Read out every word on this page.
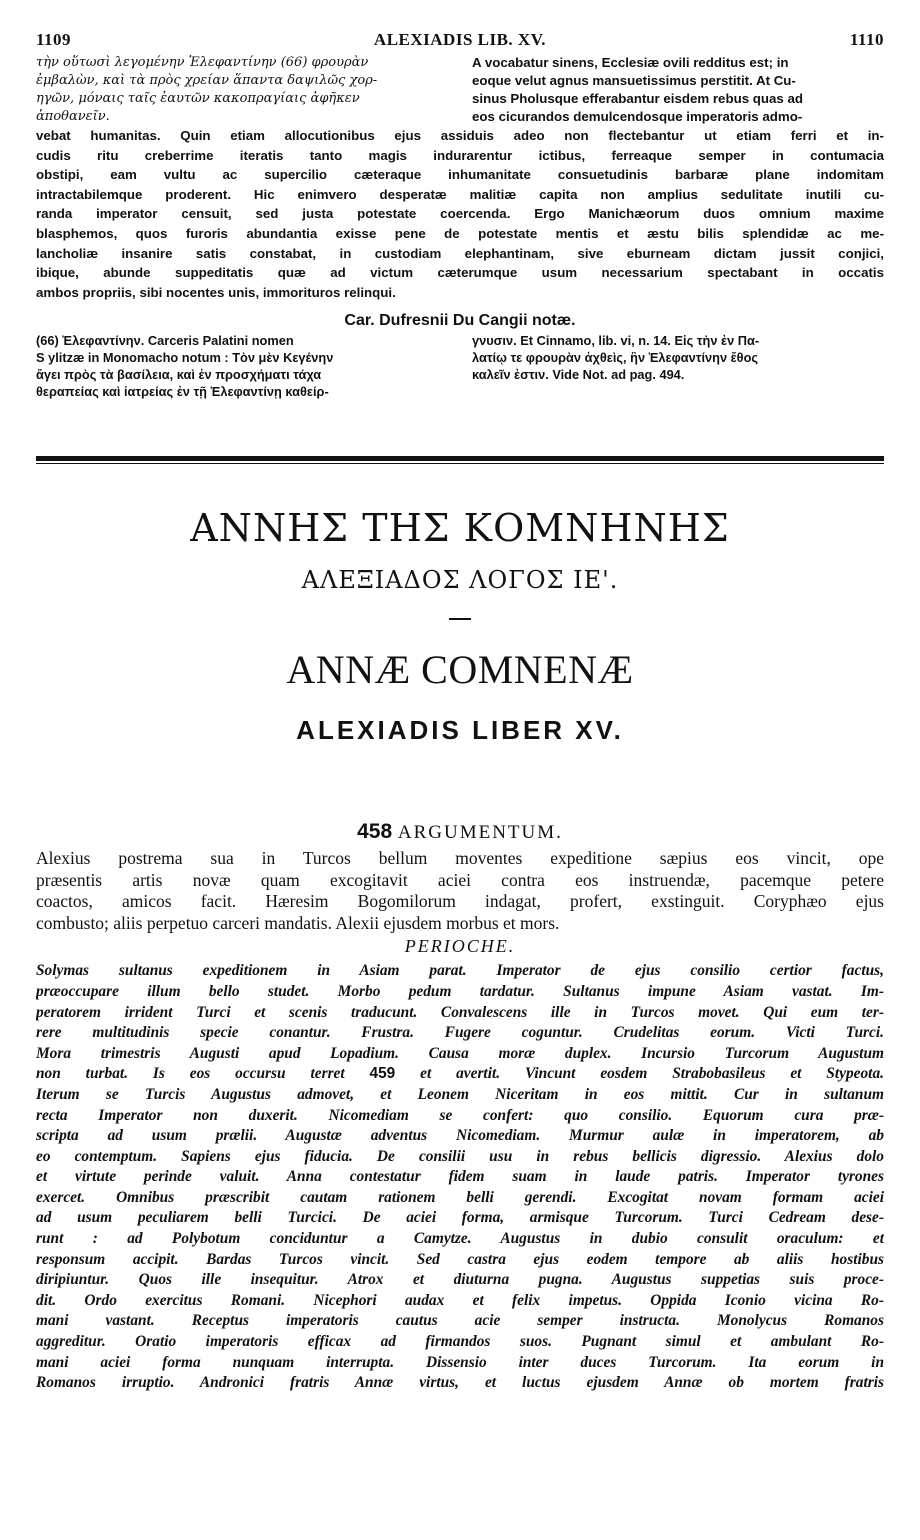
1109	ALEXIADIS LIB. XV.	1110
τὴν οὕτωσὶ λεγομένην Ἐλεφαντίνην (66) φρουρὰν
ἐμβαλὼν, καὶ τὰ πρὸς χρείαν ἅπαντα δαψιλῶς χορ-
ηγῶν, μόναις ταῖς ἑαυτῶν κακοπραγίαις ἀφῆκεν
ἀποθανεῖν.
A vocabatur sinens, Ecclesiæ ovili redditus est; in
eoque velut agnus mansuetissimus perstitit. At Cu-
sinus Pholusque efferabantur eisdem rebus quas ad
eos cicurandos demulcendosque imperatoris admo-
vebat humanitas. Quin etiam allocutionibus ejus assiduis adeo non flectebantur ut etiam ferri et in-
cudis ritu creberrime iteratis tanto magis indurarentur ictibus, ferreaque semper in contumacia
obstipi, eam vultu ac supercilio cæteraque inhumanitate consuetudinis barbaræ plane indomitam
intractabilemque proderent. Hic enimvero desperatæ malitiæ capita non amplius sedulitate inutili cu-
randa imperator censuit, sed justa potestate coercenda. Ergo Manichæorum duos omnium maxime
blasphemos, quos furoris abundantia exisse pene de potestate mentis et æstu bilis splendidæ ac me-
lancholiæ insanire satis constabat, in custodiam elephantinam, sive eburneam dictam jussit conjici,
ibique, abunde suppeditatis quæ ad victum cæterumque usum necessarium spectabant in occatis
ambos propriis, sibi nocentes unis, immorituros relinqui.
Car. Dufresnii Du Cangii notæ.
(66) Ἐλεφαντίνην. Carceris Palatini nomen
S ylitzæ in Monomacho notum : Τὸν μὲν Κεγένην
ἄγει πρὸς τὰ βασίλεια, καὶ ἐν προσχήματι τάχα
θεραπείας καὶ ἰατρείας ἐν τῇ Ἐλεφαντίνῃ καθείρ-
γνυσιν. Et Cinnamo, lib. vi, n. 14. Εἰς τὴν ἐν Πα-
λατίῳ τε φρουρὰν ἀχθεὶς, ἣν Ἐλεφαντίνην ἔθος
καλεῖν ἐστιν. Vide Not. ad pag. 494.
ΑΝΝΗΣ ΤΗΣ ΚΟΜΝΗΝΗΣ
ΑΛΕΞΙΑΔΟΣ ΛΟΓΟΣ ΙΕ'.
ANNÆ COMNENÆ
ALEXIADIS LIBER XV.
458 ARGUMENTUM.
Alexius postrema sua in Turcos bellum moventes expeditione sæpius eos vincit, ope
præsentis artis novæ quam excogitavit aciei contra eos instruendæ, pacemque petere
coactos, amicos facit. Hæresim Bogomilorum indagat, profert, exstinguit. Coryphæo ejus
combusto; aliis perpetuo carceri mandatis. Alexii ejusdem morbus et mors.
PERIOCHE.
Solymas sultanus expeditionem in Asiam parat. Imperator de ejus consilio certior factus,
præoccupare illum bello studet. Morbo pedum tardatur. Sultanus impune Asiam vastat. Im-
peratorem irrident Turci et scenis traducunt. Convalescens ille in Turcos movet. Qui eum ter-
rere multitudinis specie conantur. Frustra. Fugere coguntur. Crudelitas eorum. Victi Turci.
Mora trimestris Augusti apud Lopadium. Causa moræ duplex. Incursio Turcorum Augustum
non turbat. Is eos occursu terret 459 et avertit. Vincunt eosdem Strabobasileus et Stypeota.
Iterum se Turcis Augustus admovet, et Leonem Niceritam in eos mittit. Cur in sultanum
recta Imperator non duxerit. Nicomediam se confert: quo consilio. Equorum cura præ-
scripta ad usum prælii. Augustæ adventus Nicomediam. Murmur aulæ in imperatorem, ab
eo contemptum. Sapiens ejus fiducia. De consilii usu in rebus bellicis digressio. Alexius dolo
et virtute perinde valuit. Anna contestatur fidem suam in laude patris. Imperator tyrones
exercet. Omnibus præscribit cautam rationem belli gerendi. Excogitat novam formam aciei
ad usum peculiarem belli Turcici. De aciei forma, armisque Turcorum. Turci Cedream dese-
runt : ad Polybotum conciduntur a Camytze. Augustus in dubio consulit oraculum: et
responsum accipit. Bardas Turcos vincit. Sed castra ejus eodem tempore ab aliis hostibus
diripiuntur. Quos ille insequitur. Atrox et diuturna pugna. Augustus suppetias suis proce-
dit. Ordo exercitus Romani. Nicephori audax et felix impetus. Oppida Iconio vicina Ro-
mani vastant. Receptus imperatoris cautus acie semper instructa. Monolycus Romanos
aggreditur. Oratio imperatoris efficax ad firmandos suos. Pugnant simul et ambulant Ro-
mani aciei forma nunquam interrupta. Dissensio inter duces Turcorum. Ita eorum in
Romanos irruptio. Andronici fratris Annæ virtus, et luctus ejusdem Annæ ob mortem fratris
